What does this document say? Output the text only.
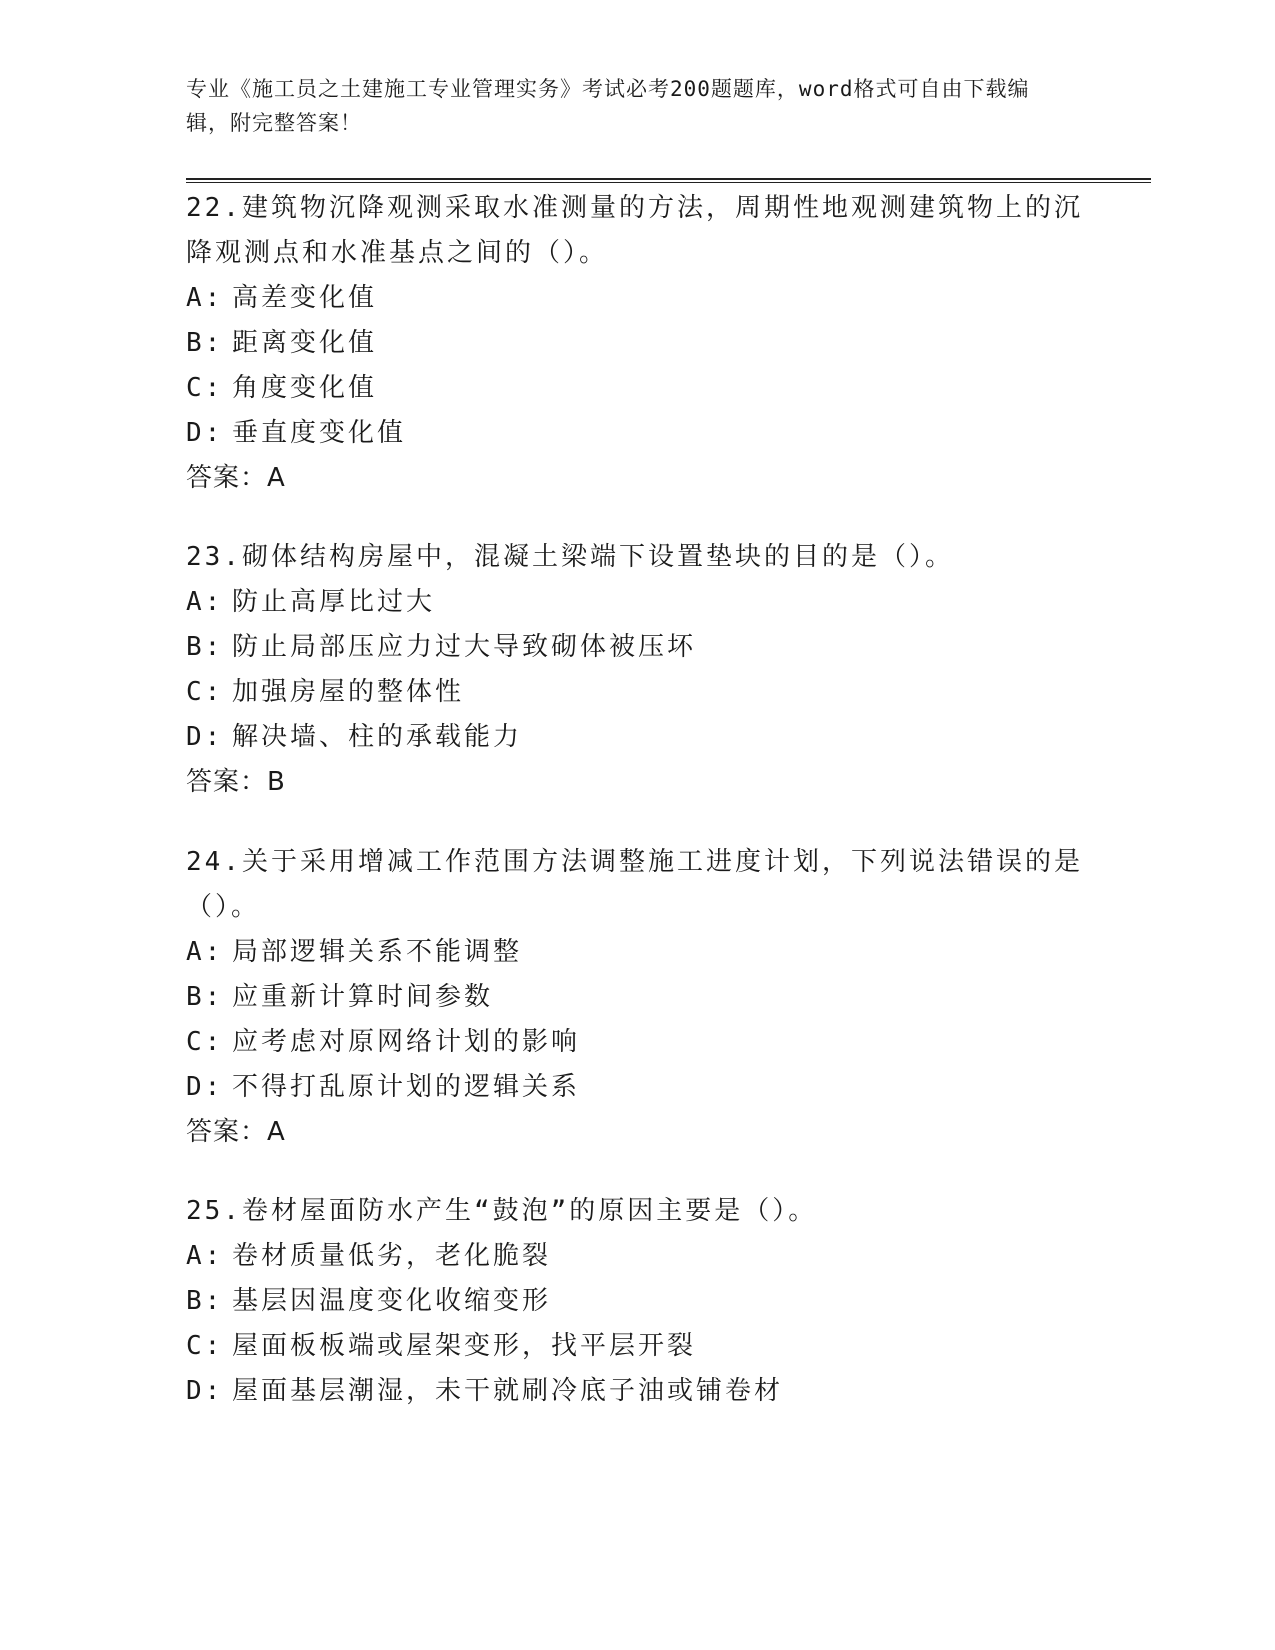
专业《施工员之土建施工专业管理实务》考试必考200题题库，word格式可自由下载编辑，附完整答案！
22.建筑物沉降观测采取水准测量的方法，周期性地观测建筑物上的沉降观测点和水准基点之间的（）。
A: 高差变化值
B: 距离变化值
C: 角度变化值
D: 垂直度变化值
答案：A
23.砌体结构房屋中，混凝土梁端下设置垫块的目的是（）。
A: 防止高厚比过大
B: 防止局部压应力过大导致砌体被压坏
C: 加强房屋的整体性
D: 解决墙、柱的承载能力
答案：B
24.关于采用增减工作范围方法调整施工进度计划，下列说法错误的是（）。
A: 局部逻辑关系不能调整
B: 应重新计算时间参数
C: 应考虑对原网络计划的影响
D: 不得打乱原计划的逻辑关系
答案：A
25.卷材屋面防水产生“鼓泡”的原因主要是（）。
A: 卷材质量低劣，老化脆裂
B: 基层因温度变化收缩变形
C: 屋面板板端或屋架变形，找平层开裂
D: 屋面基层潮湿，未干就刷冷底子油或铺卷材
